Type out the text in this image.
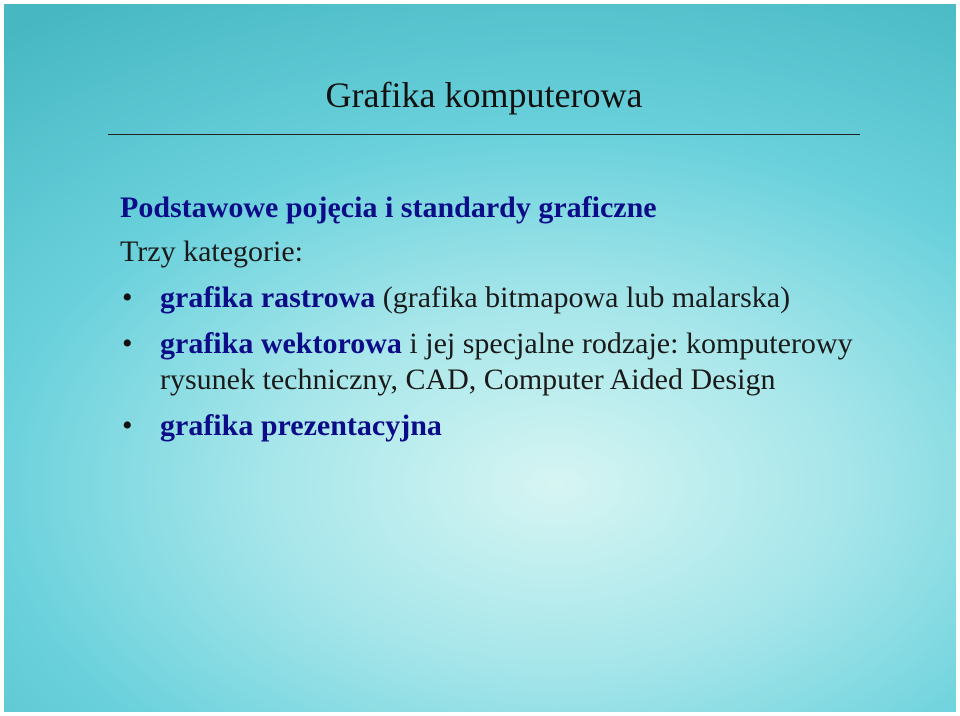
Grafika komputerowa
Podstawowe pojęcia i standardy graficzne
Trzy kategorie:
• grafika rastrowa (grafika bitmapowa lub malarska)
• grafika wektorowa i jej specjalne rodzaje: komputerowy rysunek techniczny, CAD, Computer Aided Design
• grafika prezentacyjna
